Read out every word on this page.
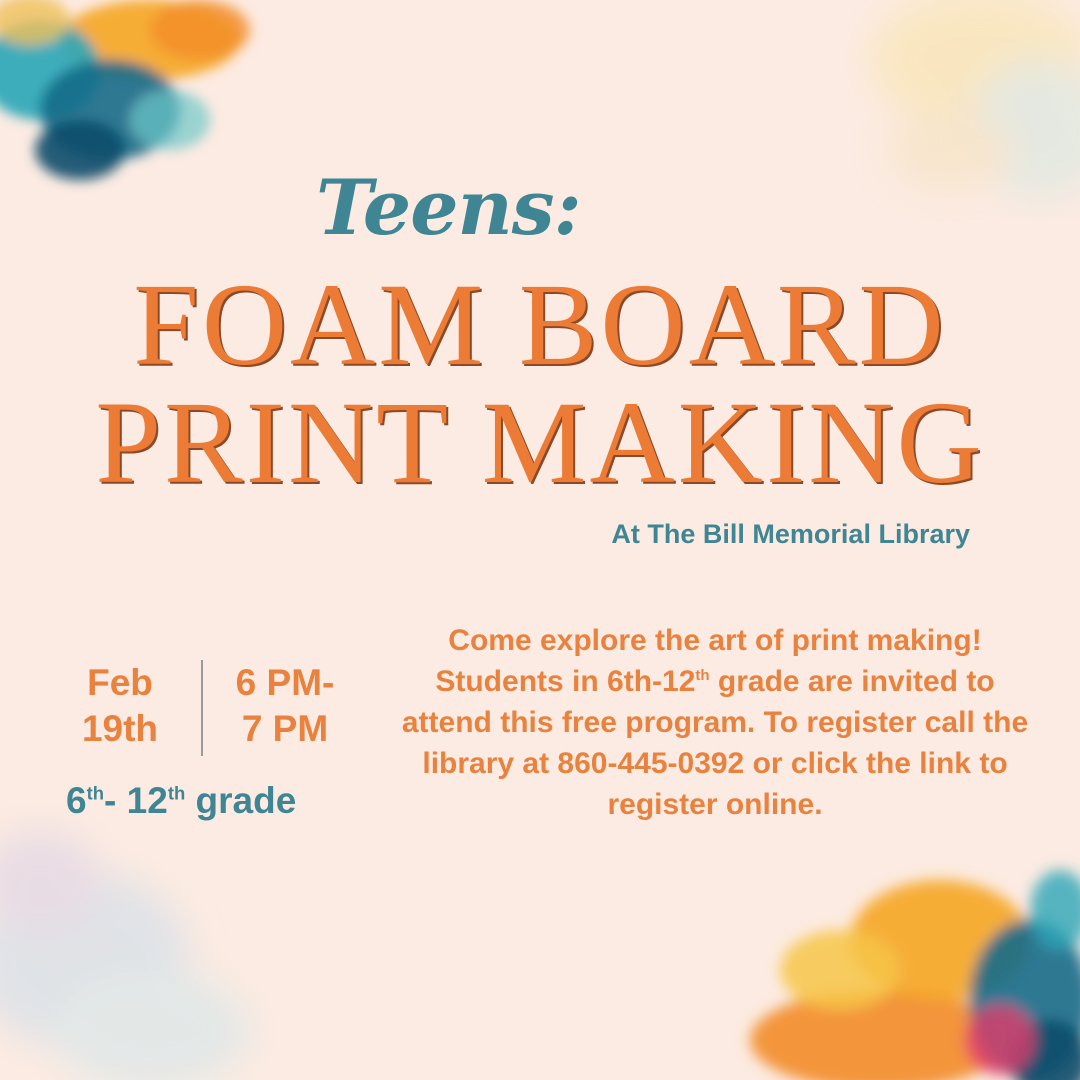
Teens:
FOAM BOARD
PRINT MAKING
At The Bill Memorial Library
Feb
19th
6 PM-
7 PM
6th- 12th grade
Come explore the art of print making! Students in 6th-12th grade are invited to attend this free program. To register call the library at 860-445-0392 or click the link to register online.
